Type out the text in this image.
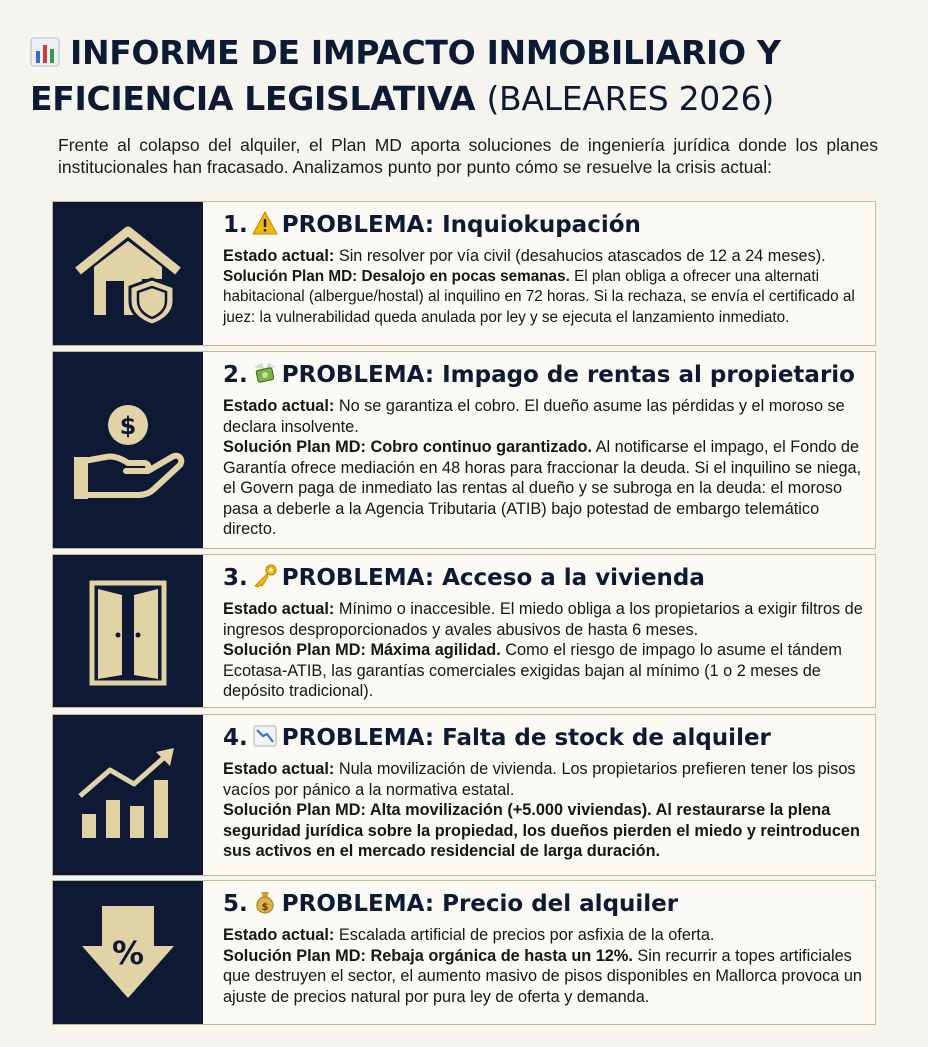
INFORME DE IMPACTO INMOBILIARIO Y EFICIENCIA LEGISLATIVA (BALEARES 2026)
Frente al colapso del alquiler, el Plan MD aporta soluciones de ingeniería jurídica donde los planes institucionales han fracasado. Analizamos punto por punto cómo se resuelve la crisis actual:
1. PROBLEMA: Inquiokupación

Estado actual: Sin resolver por vía civil (desahucios atascados de 12 a 24 meses).

Solución Plan MD: Desalojo en pocas semanas. El plan obliga a ofrecer una alternati habitacional (albergue/hostal) al inquilino en 72 horas. Si la rechaza, se envía el certificado al juez: la vulnerabilidad queda anulada por ley y se ejecuta el lanzamiento inmediato.

$
2. PROBLEMA: Impago de rentas al propietario

Estado actual: No se garantiza el cobro. El dueño asume las pérdidas y el moroso se declara insolvente.

Solución Plan MD: Cobro continuo garantizado. Al notificarse el impago, el Fondo de Garantía ofrece mediación en 48 horas para fraccionar la deuda. Si el inquilino se niega, el Govern paga de inmediato las rentas al dueño y se subroga en la deuda: el moroso pasa a deberle a la Agencia Tributaria (ATIB) bajo potestad de embargo telemático directo.

3. PROBLEMA: Acceso a la vivienda

Estado actual: Mínimo o inaccesible. El miedo obliga a los propietarios a exigir filtros de ingresos desproporcionados y avales abusivos de hasta 6 meses.

Solución Plan MD: Máxima agilidad. Como el riesgo de impago lo asume el tándem Ecotasa-ATIB, las garantías comerciales exigidas bajan al mínimo (1 o 2 meses de depósito tradicional).

4. PROBLEMA: Falta de stock de alquiler

Estado actual: Nula movilización de vivienda. Los propietarios prefieren tener los pisos vacíos por pánico a la normativa estatal.

Solución Plan MD: Alta movilización (+5.000 viviendas). Al restaurarse la plena seguridad jurídica sobre la propiedad, los dueños pierden el miedo y reintroducen sus activos en el mercado residencial de larga duración.

%
5. $ PROBLEMA: Precio del alquiler

Estado actual: Escalada artificial de precios por asfixia de la oferta.

Solución Plan MD: Rebaja orgánica de hasta un 12%. Sin recurrir a topes artificiales que destruyen el sector, el aumento masivo de pisos disponibles en Mallorca provoca un ajuste de precios natural por pura ley de oferta y demanda.
